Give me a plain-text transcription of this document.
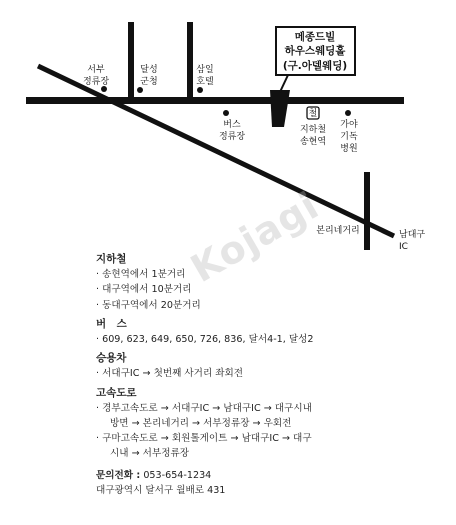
메종드빌
하우스웨딩홀
(구.아델웨딩)
서부
정류장
달성
군청
삼일
호텔
버스
정류장
철
지하철
송현역
가야
기독
병원
본리네거리	남대구
IC
Kojagi
지하철
· 송현역에서 1분거리
· 대구역에서 10분거리
· 동대구역에서 20분거리
버　스
· 609, 623, 649, 650, 726, 836, 달서4-1, 달성2
승용차
· 서대구IC → 첫번째 사거리 좌회전
고속도로
· 경부고속도로 → 서대구IC → 남대구IC → 대구시내
방면 → 본리네거리 → 서부정류장 → 우회전
· 구마고속도로 → 회원톨게이트 → 남대구IC → 대구
시내 → 서부정류장
문의전화 : 053-654-1234
대구광역시 달서구 월배로 431
